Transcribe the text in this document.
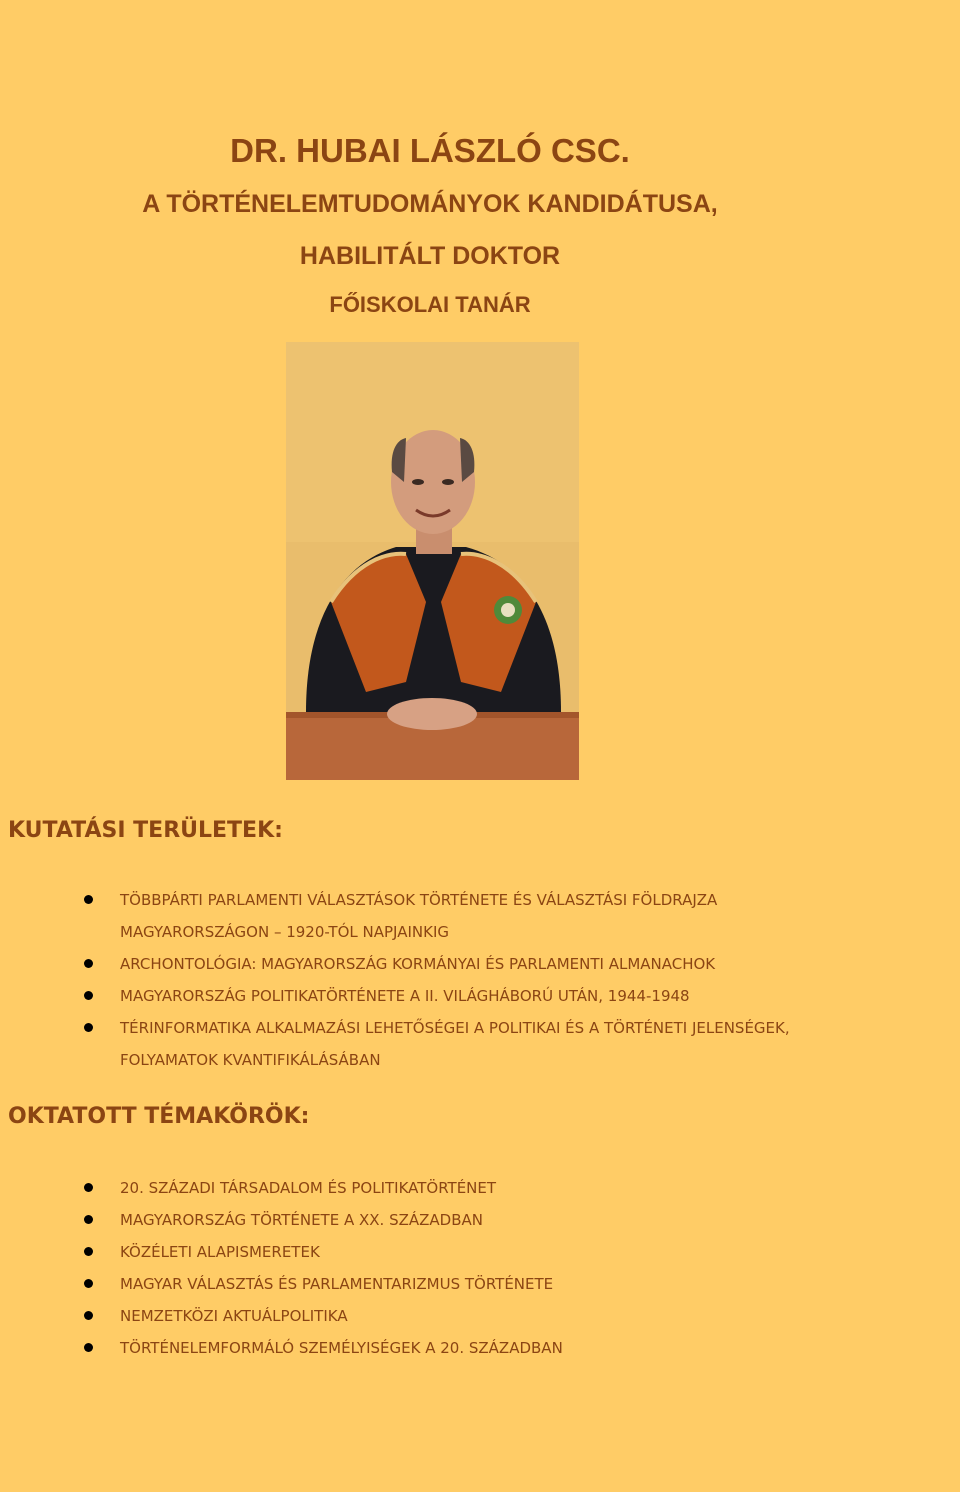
DR. HUBAI LÁSZLÓ CSC.
A TÖRTÉNELEMTUDOMÁNYOK KANDIDÁTUSA,
HABILITÁLT DOKTOR
FŐISKOLAI TANÁR
KUTATÁSI TERÜLETEK:
TÖBBPÁRTI PARLAMENTI VÁLASZTÁSOK TÖRTÉNETE ÉS VÁLASZTÁSI FÖLDRAJZA MAGYARORSZÁGON – 1920-TÓL NAPJAINKIG
ARCHONTOLÓGIA: MAGYARORSZÁG KORMÁNYAI ÉS PARLAMENTI ALMANACHOK
MAGYARORSZÁG POLITIKATÖRTÉNETE A II. VILÁGHÁBORÚ UTÁN, 1944-1948
TÉRINFORMATIKA ALKALMAZÁSI LEHETŐSÉGEI A POLITIKAI ÉS A TÖRTÉNETI JELENSÉGEK, FOLYAMATOK KVANTIFIKÁLÁSÁBAN
OKTATOTT TÉMAKÖRÖK:
20. SZÁZADI TÁRSADALOM ÉS POLITIKATÖRTÉNET
MAGYARORSZÁG TÖRTÉNETE A XX. SZÁZADBAN
KÖZÉLETI ALAPISMERETEK
MAGYAR VÁLASZTÁS ÉS PARLAMENTARIZMUS TÖRTÉNETE
NEMZETKÖZI AKTUÁLPOLITIKA
TÖRTÉNELEMFORMÁLÓ SZEMÉLYISÉGEK A 20. SZÁZADBAN
